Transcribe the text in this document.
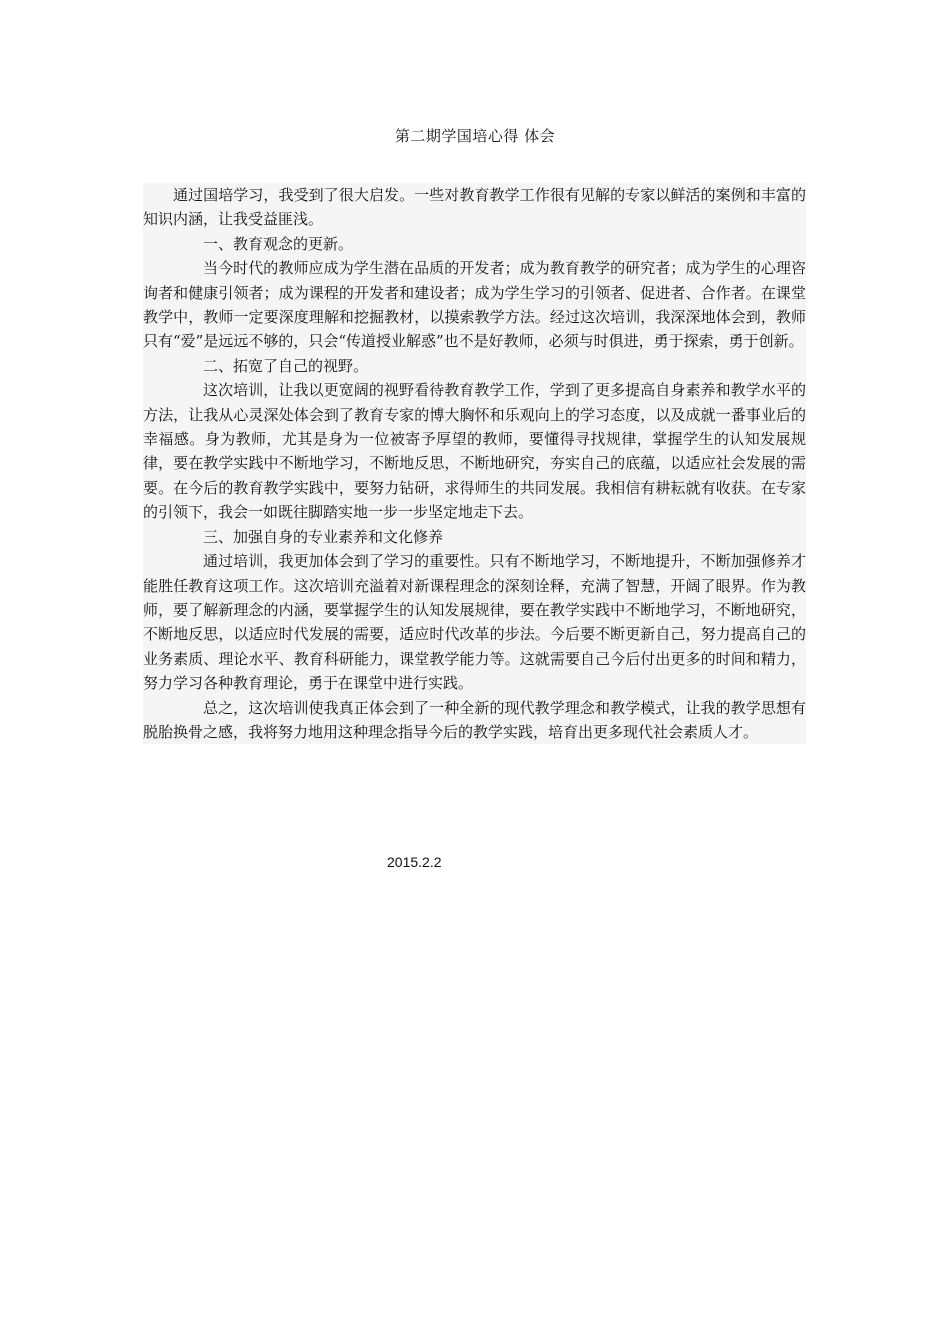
第二期学国培心得 体会

通过国培学习，我受到了很大启发。一些对教育教学工作很有见解的专家以鲜活的案例和丰富的知识内涵，让我受益匪浅。

一、教育观念的更新。

当今时代的教师应成为学生潜在品质的开发者；成为教育教学的研究者；成为学生的心理咨询者和健康引领者；成为课程的开发者和建设者；成为学生学习的引领者、促进者、合作者。在课堂教学中，教师一定要深度理解和挖掘教材，以摸索教学方法。经过这次培训，我深深地体会到，教师只有“爱”是远远不够的，只会“传道授业解惑”也不是好教师，必须与时俱进，勇于探索，勇于创新。

二、拓宽了自己的视野。

这次培训，让我以更宽阔的视野看待教育教学工作，学到了更多提高自身素养和教学水平的方法，让我从心灵深处体会到了教育专家的博大胸怀和乐观向上的学习态度，以及成就一番事业后的幸福感。身为教师，尤其是身为一位被寄予厚望的教师，要懂得寻找规律，掌握学生的认知发展规律，要在教学实践中不断地学习，不断地反思，不断地研究，夯实自己的底蕴，以适应社会发展的需要。在今后的教育教学实践中，要努力钻研，求得师生的共同发展。我相信有耕耘就有收获。在专家的引领下，我会一如既往脚踏实地一步一步坚定地走下去。

三、加强自身的专业素养和文化修养

通过培训，我更加体会到了学习的重要性。只有不断地学习，不断地提升，不断加强修养才能胜任教育这项工作。这次培训充溢着对新课程理念的深刻诠释，充满了智慧，开阔了眼界。作为教师，要了解新理念的内涵，要掌握学生的认知发展规律，要在教学实践中不断地学习，不断地研究，不断地反思，以适应时代发展的需要，适应时代改革的步法。今后要不断更新自己，努力提高自己的业务素质、理论水平、教育科研能力，课堂教学能力等。这就需要自己今后付出更多的时间和精力，努力学习各种教育理论，勇于在课堂中进行实践。

总之，这次培训使我真正体会到了一种全新的现代教学理念和教学模式，让我的教学思想有脱胎换骨之感，我将努力地用这种理念指导今后的教学实践，培育出更多现代社会素质人才。

2015.2.2
